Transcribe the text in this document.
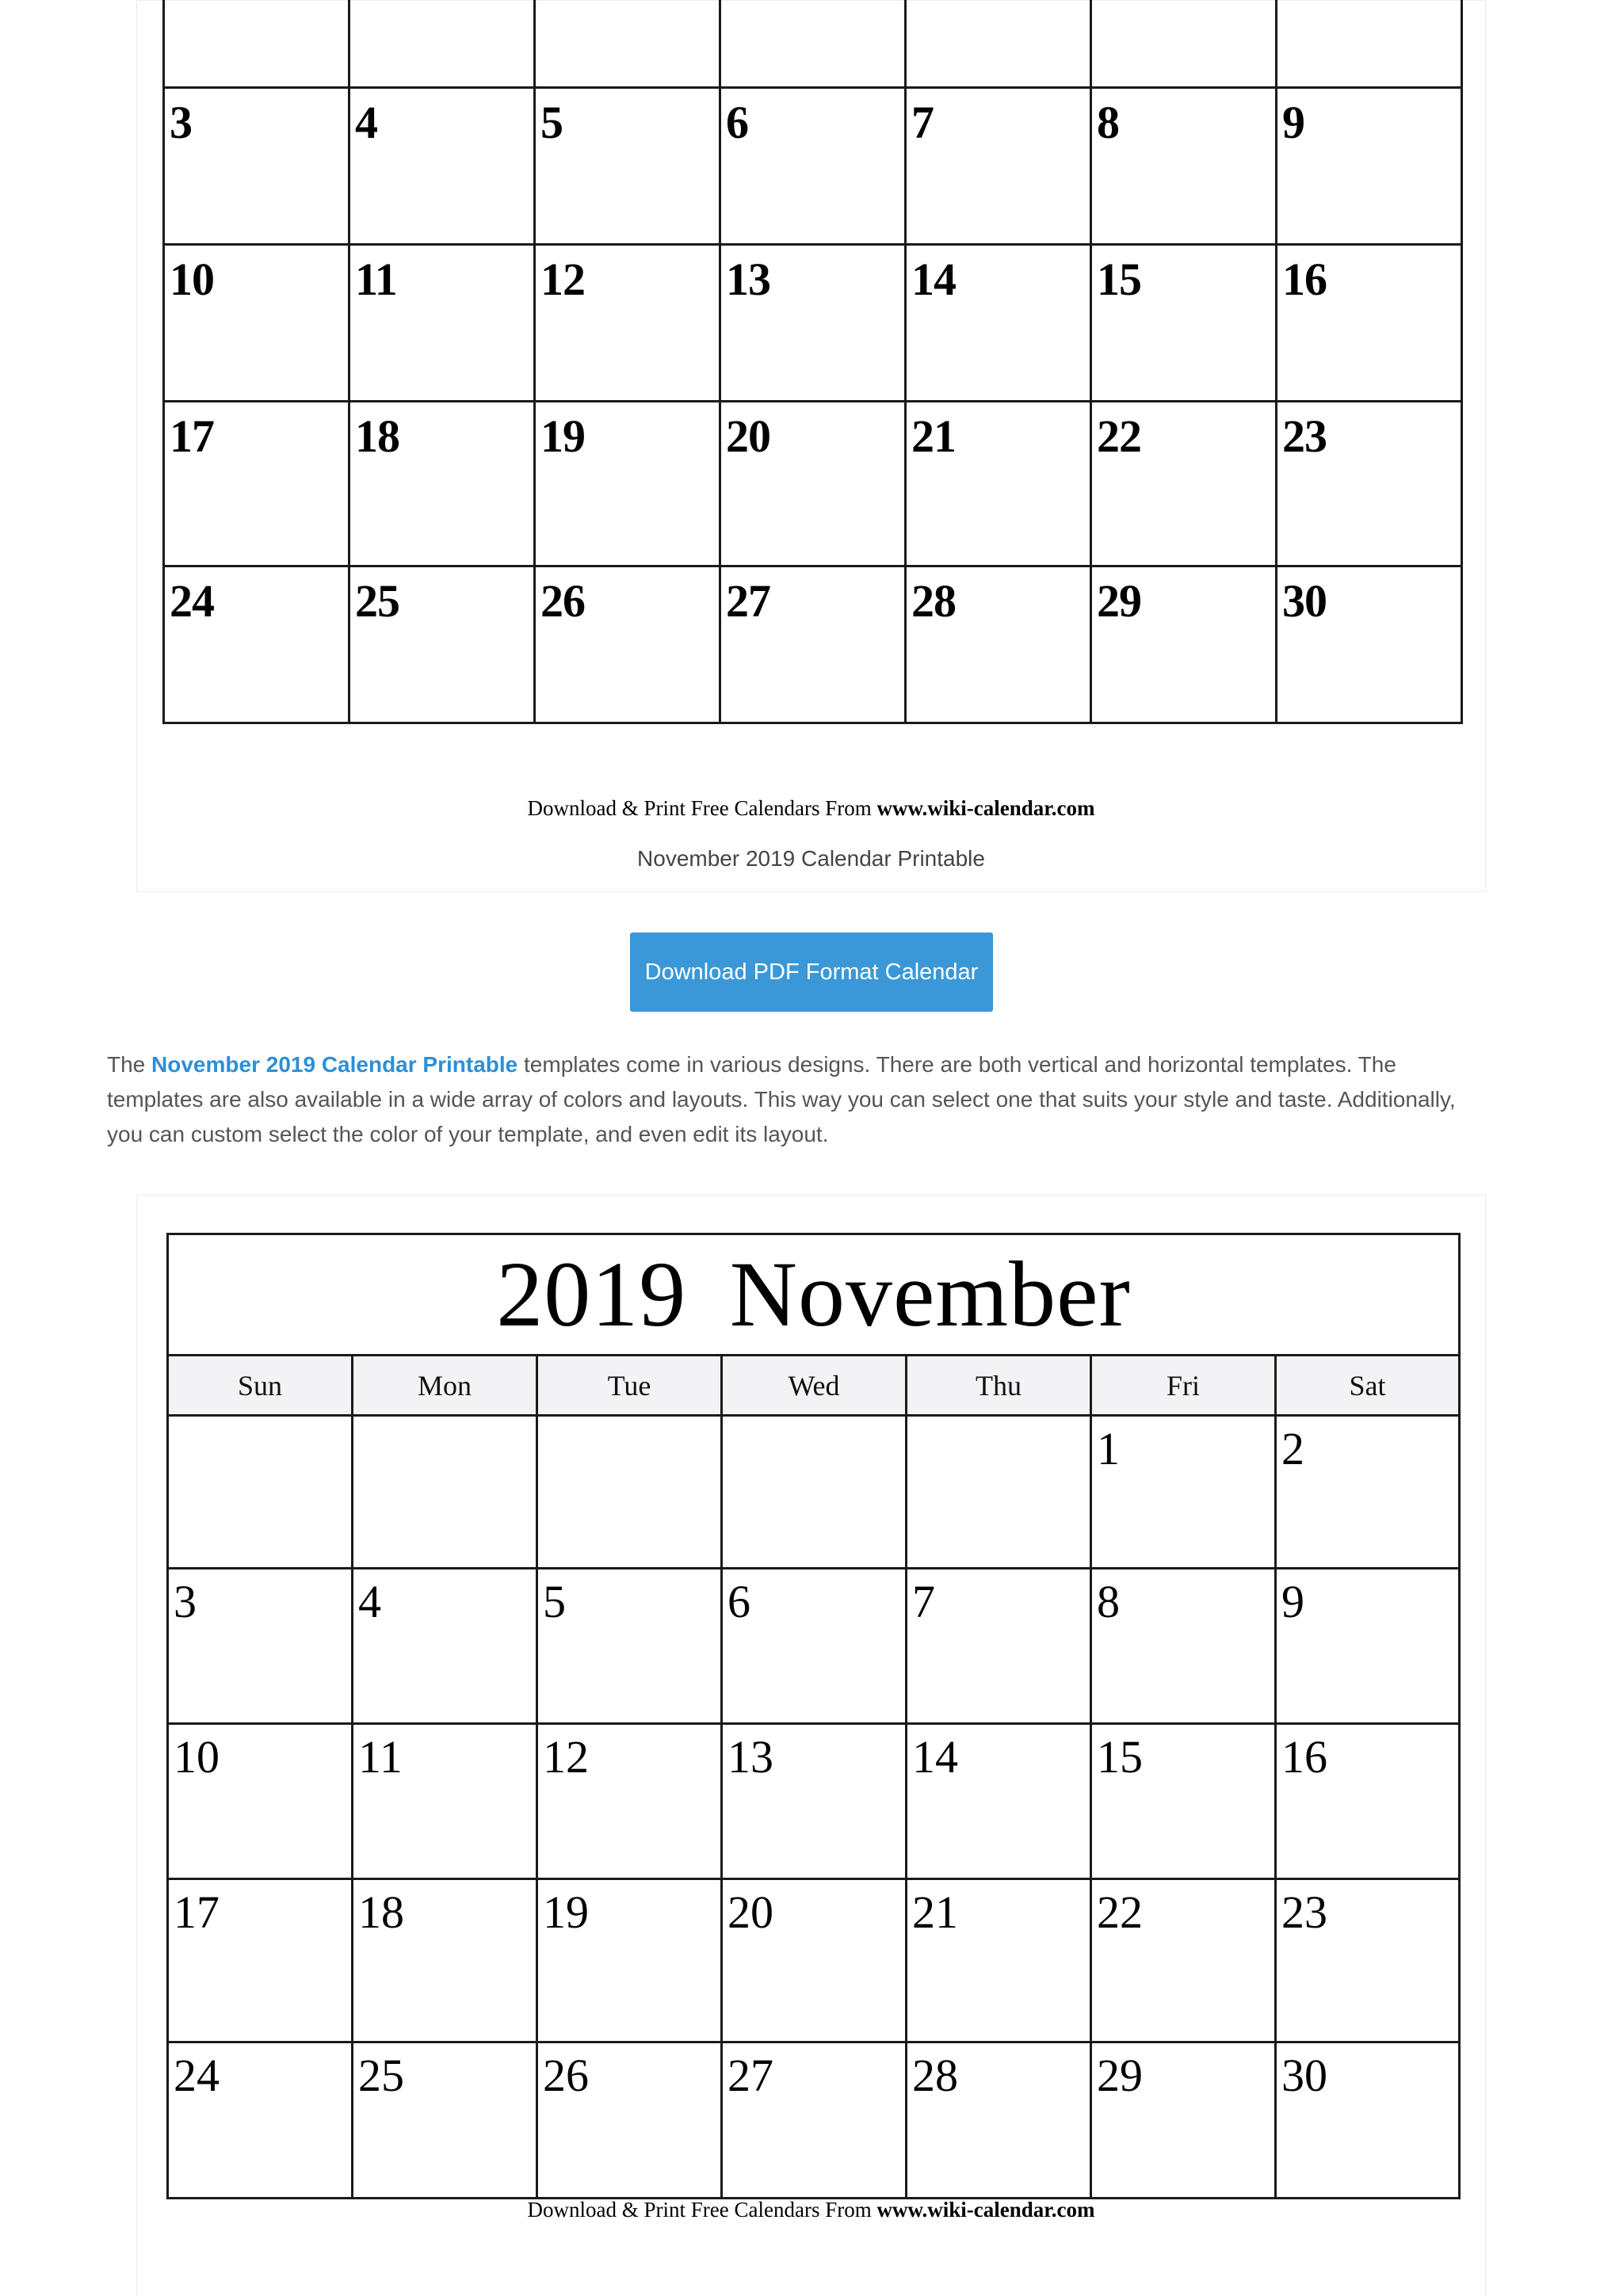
3	4	5	6	7	8	9

10	11	12	13	14	15	16

17	18	19	20	21	22	23

24	25	26	27	28	29	30
Download & Print Free Calendars From www.wiki-calendar.com
November 2019 Calendar Printable
Download PDF Format Calendar

The November 2019 Calendar Printable templates come in various designs. There are both vertical and horizontal templates. The templates are also available in a wide array of colors and layouts. This way you can select one that suits your style and taste. Additionally, you can custom select the color of your template, and even edit its layout.

2019 November						
Sun	Mon	Tue	Wed	Thu	Fri	Sat

					1	2

3	4	5	6	7	8	9

10	11	12	13	14	15	16

17	18	19	20	21	22	23

24	25	26	27	28	29	30
Download & Print Free Calendars From www.wiki-calendar.com
